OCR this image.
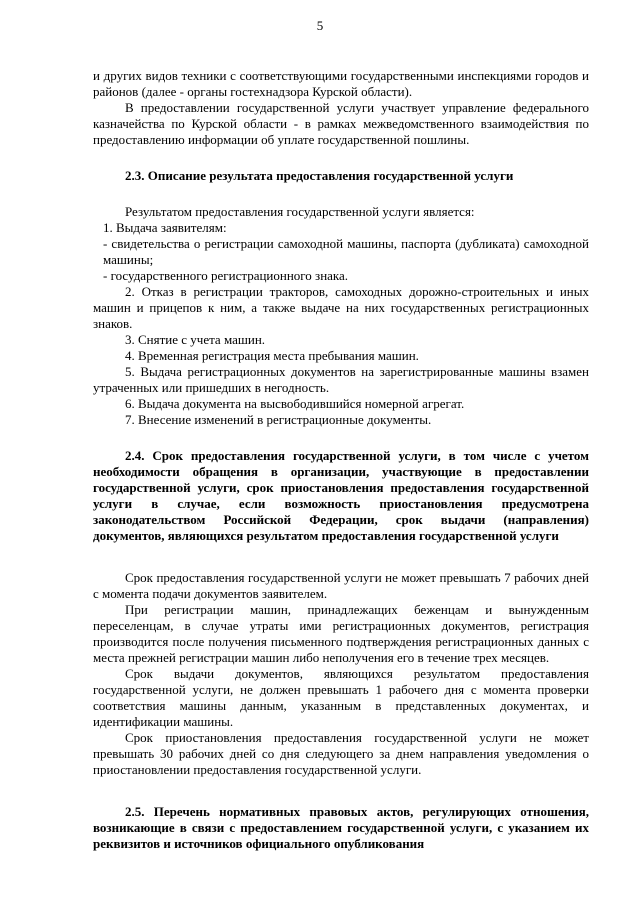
5

и других видов техники с соответствующими государственными инспекциями городов и районов (далее - органы гостехнадзора Курской области).

В предоставлении государственной услуги участвует управление федерального казначейства по Курской области - в рамках межведомственного взаимодействия по предоставлению информации об уплате государственной пошлины.

2.3. Описание результата предоставления государственной услуги

Результатом предоставления государственной услуги является:

1. Выдача заявителям:

- свидетельства о регистрации самоходной машины, паспорта (дубликата) самоходной машины;

- государственного регистрационного знака.

2. Отказ в регистрации тракторов, самоходных дорожно-строительных и иных машин и прицепов к ним, а также выдаче на них государственных регистрационных знаков.

3. Снятие с учета машин.

4. Временная регистрация места пребывания машин.

5. Выдача регистрационных документов на зарегистрированные машины взамен утраченных или пришедших в негодность.

6. Выдача документа на высвободившийся номерной агрегат.

7. Внесение изменений в регистрационные документы.

2.4. Срок предоставления государственной услуги, в том числе с учетом необходимости обращения в организации, участвующие в предоставлении государственной услуги, срок приостановления предоставления государственной услуги в случае, если возможность приостановления предусмотрена законодательством Российской Федерации, срок выдачи (направления) документов, являющихся результатом предоставления государственной услуги

Срок предоставления государственной услуги не может превышать 7 рабочих дней с момента подачи документов заявителем.

При регистрации машин, принадлежащих беженцам и вынужденным переселенцам, в случае утраты ими регистрационных документов, регистрация производится после получения письменного подтверждения регистрационных данных с места прежней регистрации машин либо неполучения его в течение трех месяцев.

Срок выдачи документов, являющихся результатом предоставления государственной услуги, не должен превышать 1 рабочего дня с момента проверки соответствия машины данным, указанным в представленных документах, и идентификации машины.

Срок приостановления предоставления государственной услуги не может превышать 30 рабочих дней со дня следующего за днем направления уведомления о приостановлении предоставления государственной услуги.

2.5. Перечень нормативных правовых актов, регулирующих отношения, возникающие в связи с предоставлением государственной услуги, с указанием их реквизитов и источников официального опубликования
